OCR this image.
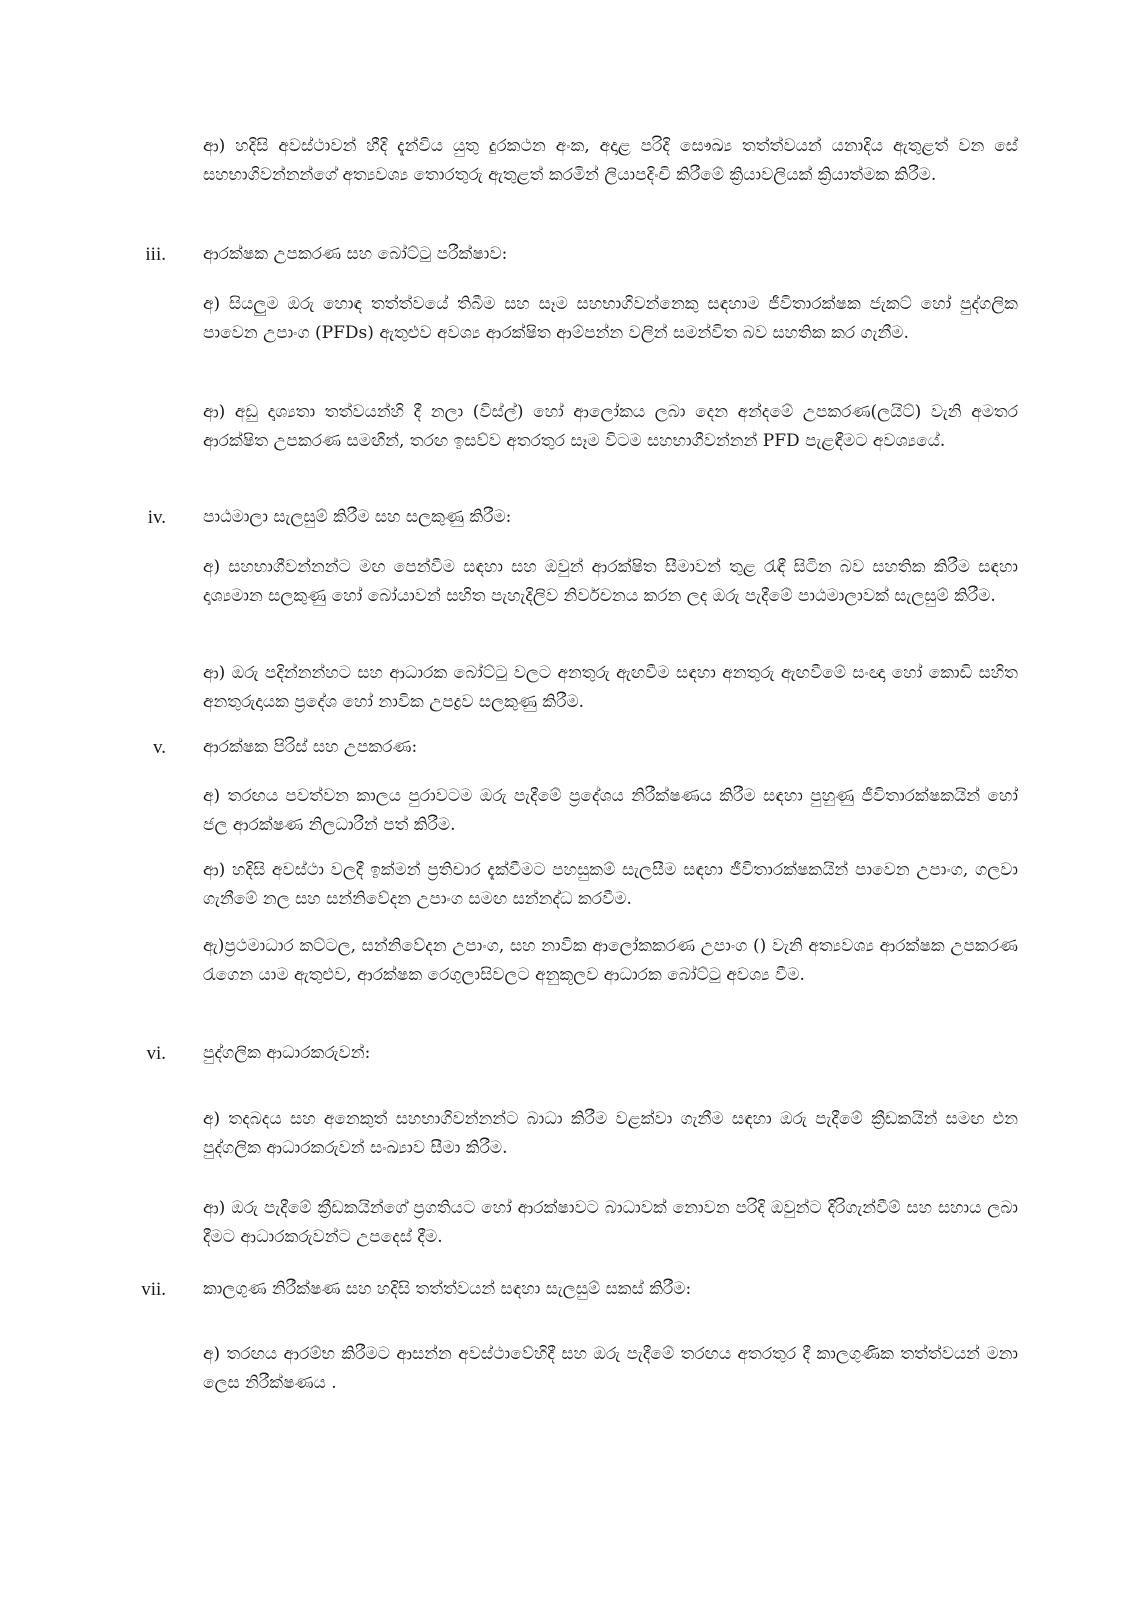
ආ) හදිසි අවස්ථාවන් හීදි දැන්විය යුතු දුරකථන අංක, අදාළ පරිදි සෞඛ්‍ය තත්ත්වයන් යනාදිය ඇතුළත් වන සේ සහභාගිවන්නන්ගේ අත්‍යවශ්‍ය තොරතුරු ඇතුළත් කරමින් ලියාපදිංචි කිරීමේ ක්‍රියාවලියක් ක්‍රියාත්මක කිරීම.

iii. ආරක්ෂක උපකරණ සහ බෝට්ටු පරීක්ෂාව:

අ) සියලුම ඔරු හොඳ තත්ත්වයේ තිබීම සහ සෑම සහභාගිවන්නෙකු සඳහාම ජීවිතාරක්ෂක ජැකට් හෝ පුද්ගලික පාවෙන උපාංග (PFDs) ඇතුළුව අවශ්‍ය ආරක්ෂිත ආම්පන්න වලින් සමන්විත බව සහතික කර ගැනීම.

ආ) අඩු දෘශ්‍යතා තත්වයන්හි දී නලා (විස්ල්) හෝ ආලෝකය ලබා දෙන අන්දමේ උපකරණ(ලයිට්) වැනි අමතර ආරක්ෂිත උපකරණ සමඟින්, තරඟ ඉසව්ව අතරතුර සෑම විටම සහභාගීවන්නන් PFD පැළඳීමට අවශ්‍යයේ.

iv. පාඨමාලා සැලසුම් කිරීම සහ සලකුණු කිරීම:

අ) සහභාගීවන්නන්ට මඟ පෙන්වීම සඳහා සහ ඔවුන් ආරක්ෂිත සීමාවන් තුළ රැඳී සිටින බව සහතික කිරීම සඳහා දෘශ්‍යමාන සලකුණු හෝ බෝයාවන් සහිත පැහැදිලිව නිර්වචනය කරන ලද ඔරු පැදීමේ පාඨමාලාවක් සැලසුම් කිරීම.

ආ) ඔරු පදින්නන්හට සහ ආධාරක බෝට්ටු වලට අනතුරු ඇඟවීම සඳහා අනතුරු ඇඟවීමේ සංඥා හෝ කොඩි සහිත අනතුරුදායක ප්‍රදේශ හෝ නාවික උපද්‍රව සලකුණු කිරීම.

v. ආරක්ෂක පිරිස් සහ උපකරණ:

අ) තරඟය පවත්වන කාලය පුරාවටම ඔරු පැදීමේ ප්‍රදේශය නිරීක්ෂණය කිරීම සඳහා පුහුණු ජීවිතාරක්ෂකයින් හෝ ජල ආරක්ෂණ නිලධාරීන් පත් කිරීම.

ආ) හදිසි අවස්ථා වලදී ඉක්මන් ප්‍රතිචාර දැක්වීමට පහසුකම් සැලසීම සඳහා ජීවිතාරක්ෂකයින් පාවෙන උපාංග, ගලවා ගැනීමේ නල සහ සන්නිවේදන උපාංග සමඟ සන්නද්ධ කරවීම.

ඇ)ප්‍රථමාධාර කට්ටල, සන්නිවේදන උපාංග, සහ නාවික ආලෝකකරණ උපාංග () වැනි අත්‍යවශ්‍ය ආරක්ෂක උපකරණ රැගෙන යාම ඇතුළුව, ආරක්ෂක රෙගුලාසිවලට අනුකූලව ආධාරක බෝට්ටු අවශ්‍ය වීම.

vi. පුද්ගලික ආධාරකරුවන්:

අ) තදබදය සහ අනෙකුත් සහභාගිවන්නන්ට බාධා කිරීම වළක්වා ගැනීම සඳහා ඔරු පැදීමේ ක්‍රීඩකයින් සමඟ එන පුද්ගලික ආධාරකරුවන් සංඛ්‍යාව සීමා කිරීම.

ආ) ඔරු පැදීමේ ක්‍රීඩකයින්ගේ ප්‍රගතියට හෝ ආරක්ෂාවට බාධාවක් නොවන පරිදි ඔවුන්ට දිරිගැන්වීම් සහ සහාය ලබා දීමට ආධාරකරුවන්ට උපදෙස් දීම.

vii. කාලගුණ නිරීක්ෂණ සහ හදිසි තත්ත්වයන් සඳහා සැලසුම් සකස් කිරීම:

අ) තරඟය ආරම්භ කිරීමට ආසන්න අවස්ථාවේහිදී සහ ඔරු පැදීමේ තරඟය අතරතුර දී කාලගුණික තත්ත්වයන් මනා ලෙස නිරීක්ෂණය .
